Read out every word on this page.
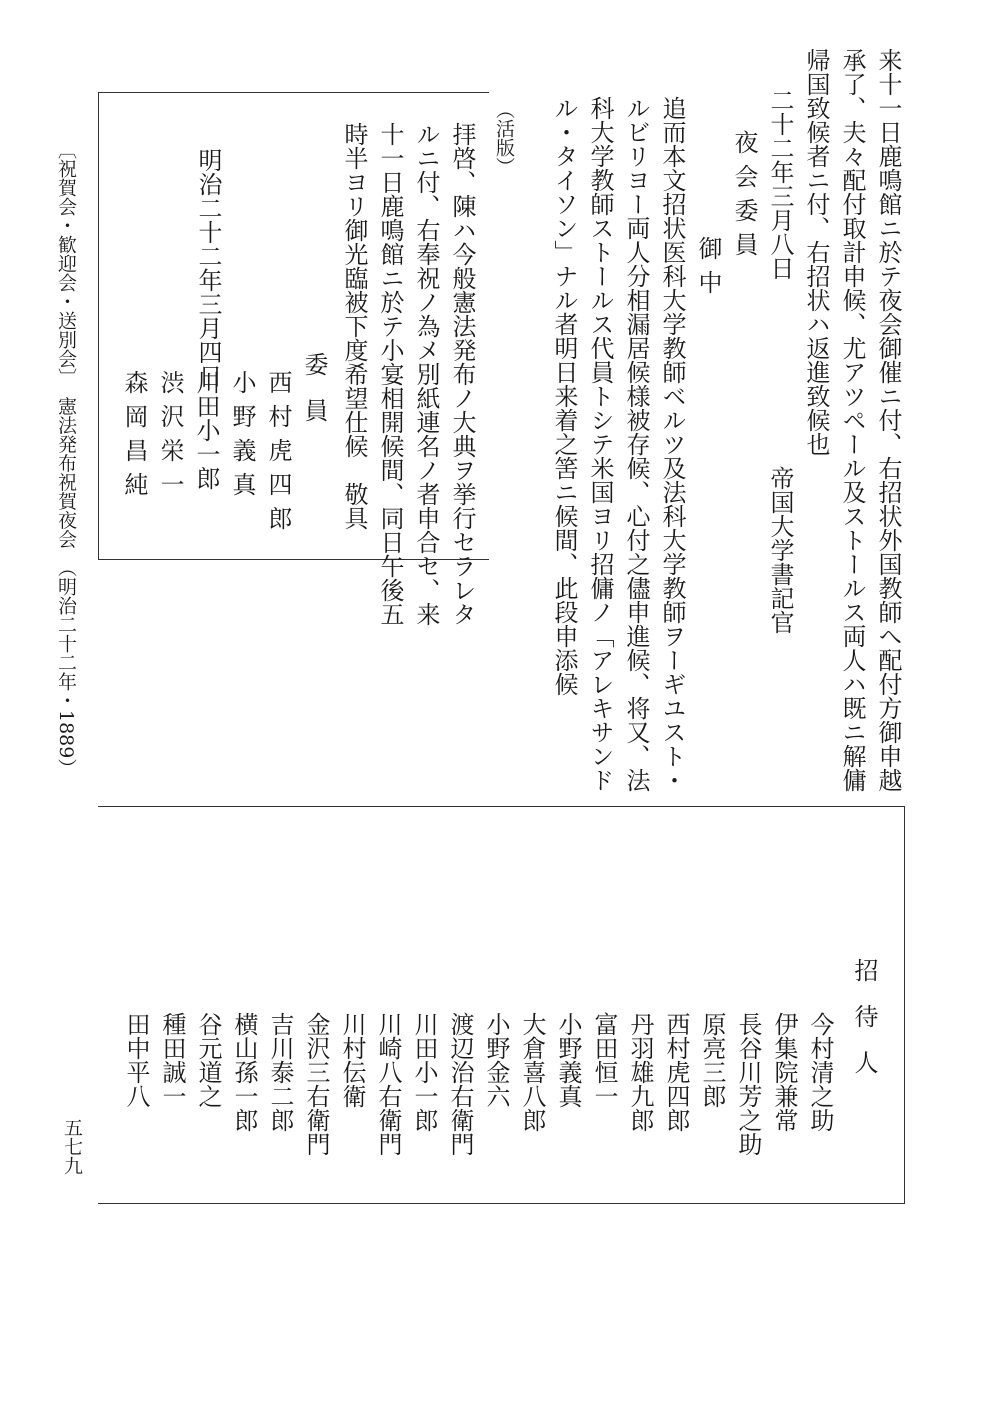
〔祝賀会・歓迎会・送別会〕　憲法発布祝賀夜会　（明治二十二年・1889）
五七九
来十一日鹿鳴館ニ於テ夜会御催ニ付、右招状外国教師へ配付方御申越
承了、夫々配付取計申候、尤アツペール及ストールス両人ハ既ニ解傭
帰国致候者ニ付、右招状ハ返進致候也
二十二年三月八日
帝国大学書記官
夜会委員
御中
追而本文招状医科大学教師ベルツ及法科大学教師ヲーギユスト・
ルビリヨー両人分相漏居候様被存候、心付之儘申進候、将又、法
科大学教師ストールス代員トシテ米国ヨリ招傭ノ「アレキサンド
ル・タイソン」ナル者明日来着之筈ニ候間、此段申添候
（活版）
拝啓、陳ハ今般憲法発布ノ大典ヲ挙行セラレタ
ルニ付、右奉祝ノ為メ別紙連名ノ者申合セ、来
十一日鹿鳴館ニ於テ小宴相開候間、同日午後五
時半ヨリ御光臨被下度希望仕候　敬具
委員
西村虎四郎
小野義真
川田小一郎
渋沢栄一
森岡昌純
明治二十二年三月四日
招待人
今村清之助
伊集院兼常
長谷川芳之助
原亮三郎
西村虎四郎
丹羽雄九郎
富田恒一
小野義真
大倉喜八郎
小野金六
渡辺治右衛門
川田小一郎
川崎八右衛門
川村伝衛
金沢三右衛門
吉川泰二郎
横山孫一郎
谷元道之
種田誠一
田中平八
